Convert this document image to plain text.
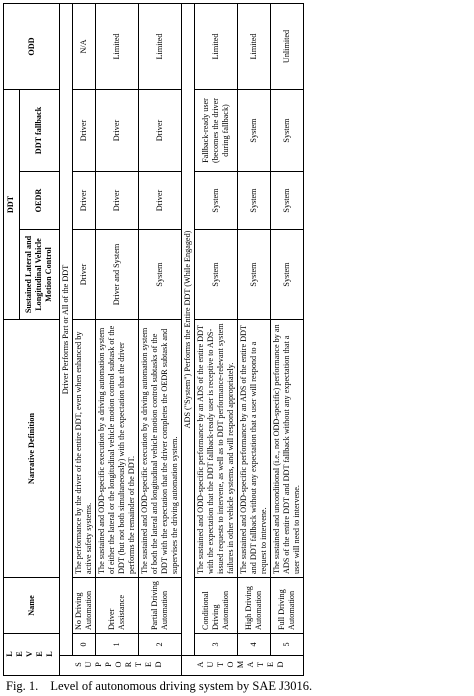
LEVEL		Name	Narrative Definition	DDT			ODD
				Sustained Lateral and Longitudinal Vehicle Motion Control	OEDR	DDT fallback	
SUPPORTED	Driver Performs Part or All of the DDT						
	0	No Driving Automation	The performance by the driver of the entire DDT, even when enhanced by active safety systems.	Driver	Driver	Driver	N/A
	1	Driver Assistance	The sustained and ODD-specific execution by a driving automation system of either the lateral or the longitudinal vehicle motion control subtask of the DDT (but not both simultaneously) with the expectation that the driver performs the remainder of the DDT.	Driver and System	Driver	Driver	Limited
	2	Partial Driving Automation	The sustained and ODD-specific execution by a driving automation system of both the lateral and longitudinal vehicle motion control subtasks of the DDT with the expectation that the driver completes the OEDR subtask and supervises the driving automation system.	System	Driver	Driver	Limited
AUTOMATED	ADS ("System") Performs the Entire DDT (While Engaged)						
	3	Conditional Driving Automation	The sustained and ODD-specific performance by an ADS of the entire DDT with the expectation that the DDT fallback-ready user is receptive to ADS-issued requests to intervene, as well as to DDT performance-relevant system failures in other vehicle systems, and will respond appropriately.	System	System	Fallback-ready user (becomes the driver during fallback)	Limited
	4	High Driving Automation	The sustained and ODD-specific performance by an ADS of the entire DDT and DDT fallback without any expectation that a user will respond to a request to intervene.	System	System	System	Limited
	5	Full Driving Automation	The sustained and unconditional (i.e., not ODD-specific) performance by an ADS of the entire DDT and DDT fallback without any expectation that a user will need to intervene.	System	System	System	Unlimited
Fig. 1. Level of autonomous driving system by SAE J3016.
